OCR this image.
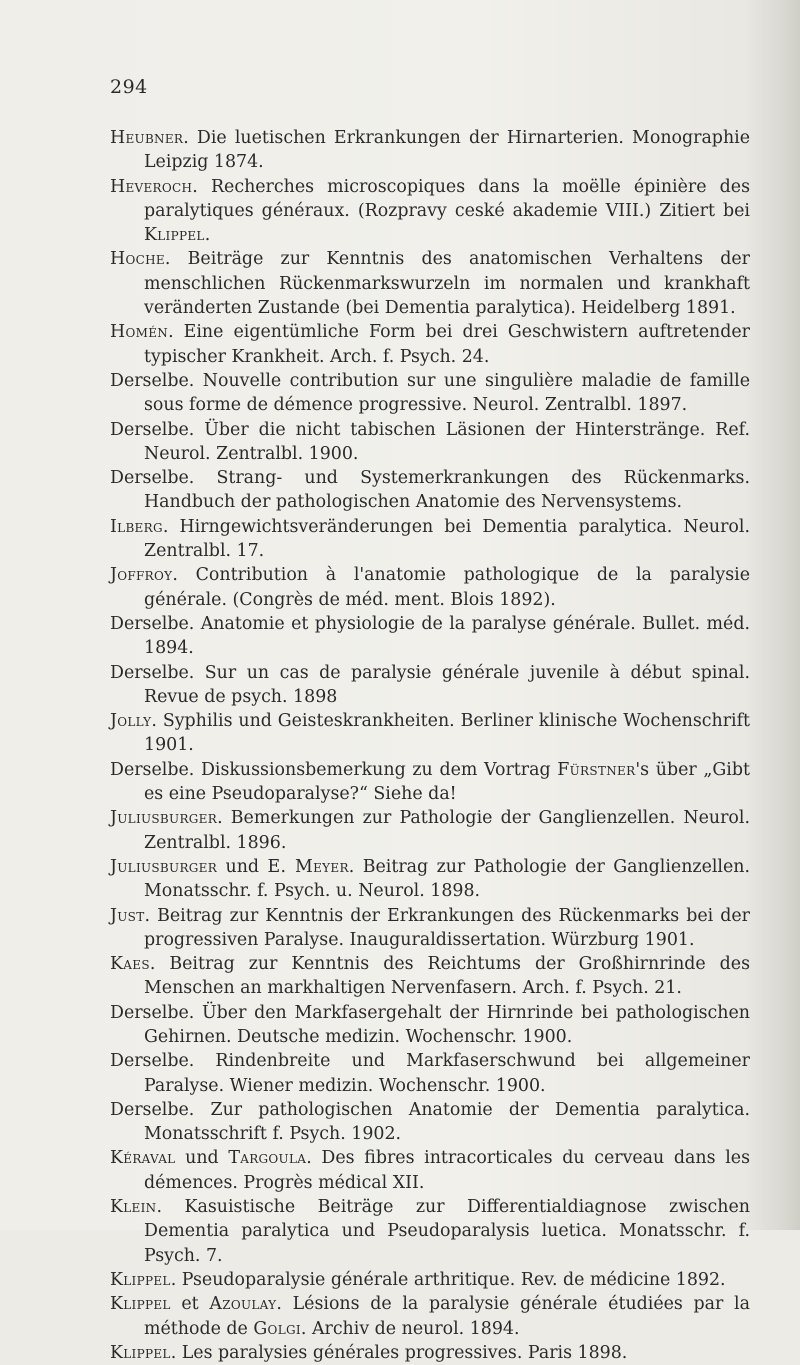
294

Heubner. Die luetischen Erkrankungen der Hirnarterien. Monographie Leipzig 1874.

Heveroch. Recherches microscopiques dans la moëlle épinière des paralytiques généraux. (Rozpravy ceské akademie VIII.) Zitiert bei Klippel.

Hoche. Beiträge zur Kenntnis des anatomischen Verhaltens der menschlichen Rückenmarkswurzeln im normalen und krankhaft veränderten Zustande (bei Dementia paralytica). Heidelberg 1891.

Homén. Eine eigentümliche Form bei drei Geschwistern auftretender typischer Krankheit. Arch. f. Psych. 24.

Derselbe. Nouvelle contribution sur une singulière maladie de famille sous forme de démence progressive. Neurol. Zentralbl. 1897.

Derselbe. Über die nicht tabischen Läsionen der Hinterstränge. Ref. Neurol. Zentralbl. 1900.

Derselbe. Strang- und Systemerkrankungen des Rückenmarks. Handbuch der pathologischen Anatomie des Nervensystems.

Ilberg. Hirngewichtsveränderungen bei Dementia paralytica. Neurol. Zentralbl. 17.

Joffroy. Contribution à l'anatomie pathologique de la paralysie générale. (Congrès de méd. ment. Blois 1892).

Derselbe. Anatomie et physiologie de la paralyse générale. Bullet. méd. 1894.

Derselbe. Sur un cas de paralysie générale juvenile à début spinal. Revue de psych. 1898

Jolly. Syphilis und Geisteskrankheiten. Berliner klinische Wochenschrift 1901.

Derselbe. Diskussionsbemerkung zu dem Vortrag Fürstner's über „Gibt es eine Pseudoparalyse?“ Siehe da!

Juliusburger. Bemerkungen zur Pathologie der Ganglienzellen. Neurol. Zentralbl. 1896.

Juliusburger und E. Meyer. Beitrag zur Pathologie der Ganglienzellen. Monatsschr. f. Psych. u. Neurol. 1898.

Just. Beitrag zur Kenntnis der Erkrankungen des Rückenmarks bei der progressiven Paralyse. Inauguraldissertation. Würzburg 1901.

Kaes. Beitrag zur Kenntnis des Reichtums der Großhirnrinde des Menschen an markhaltigen Nervenfasern. Arch. f. Psych. 21.

Derselbe. Über den Markfasergehalt der Hirnrinde bei pathologischen Gehirnen. Deutsche medizin. Wochenschr. 1900.

Derselbe. Rindenbreite und Markfaserschwund bei allgemeiner Paralyse. Wiener medizin. Wochenschr. 1900.

Derselbe. Zur pathologischen Anatomie der Dementia paralytica. Monatsschrift f. Psych. 1902.

Kéraval und Targoula. Des fibres intracorticales du cerveau dans les démences. Progrès médical XII.

Klein. Kasuistische Beiträge zur Differentialdiagnose zwischen Dementia paralytica und Pseudoparalysis luetica. Monatsschr. f. Psych. 7.

Klippel. Pseudoparalysie générale arthritique. Rev. de médicine 1892.

Klippel et Azoulay. Lésions de la paralysie générale étudiées par la méthode de Golgi. Archiv de neurol. 1894.

Klippel. Les paralysies générales progressives. Paris 1898.
